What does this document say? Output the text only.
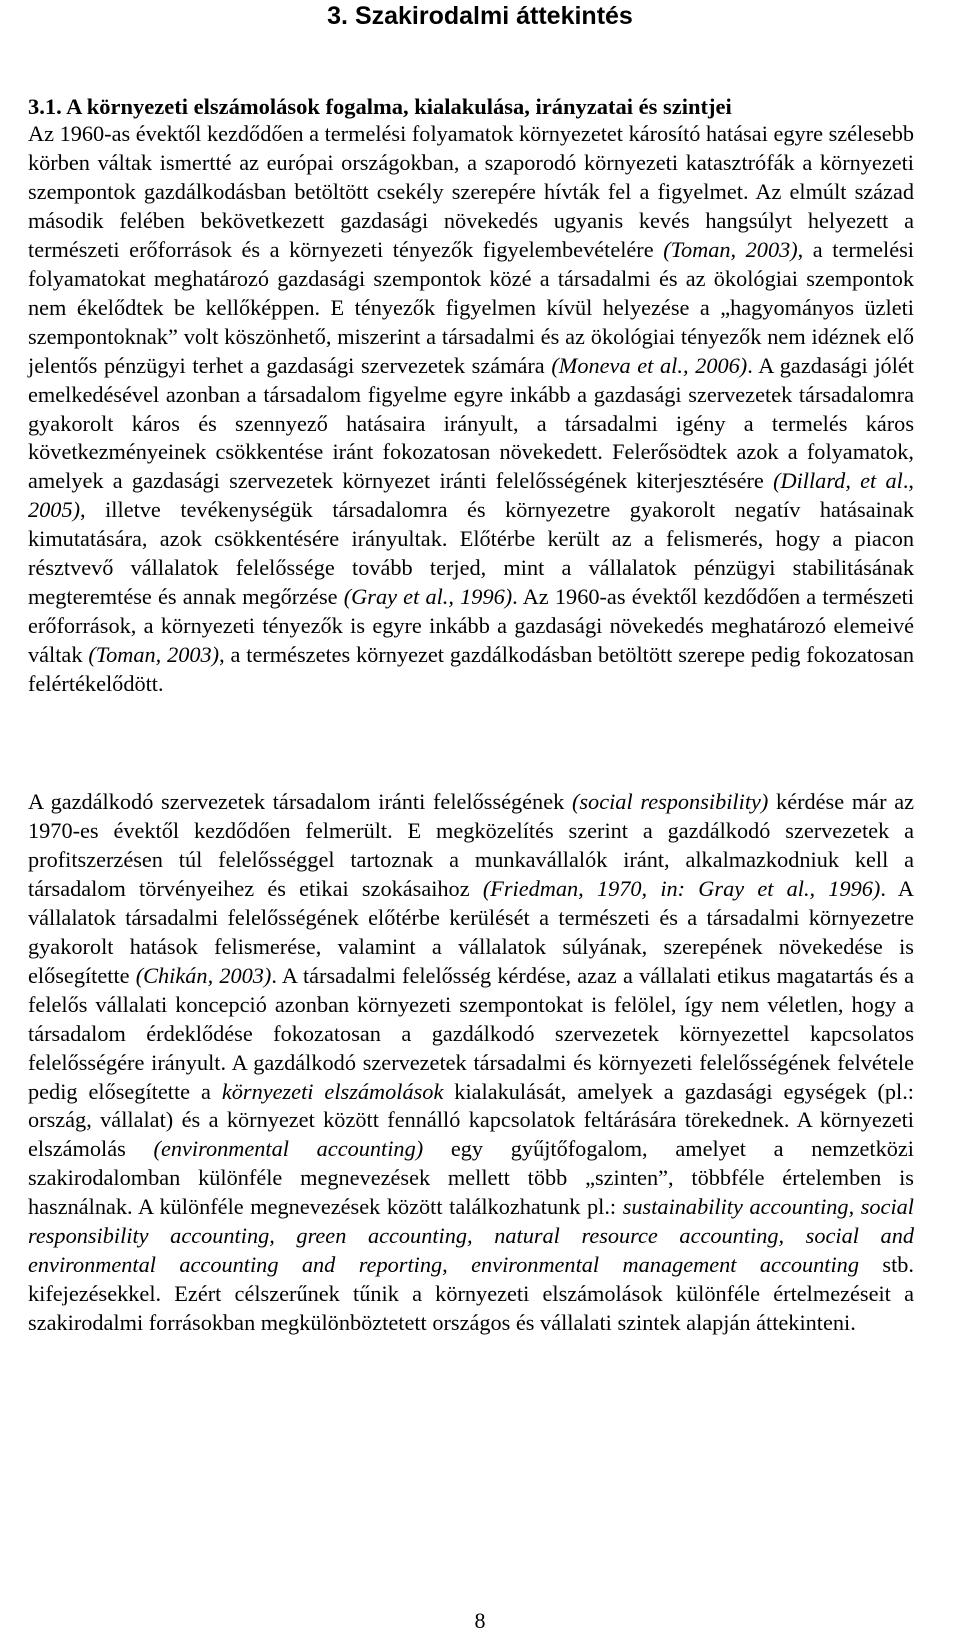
3. Szakirodalmi áttekintés
3.1. A környezeti elszámolások fogalma, kialakulása, irányzatai és szintjei

Az 1960-as évektől kezdődően a termelési folyamatok környezetet károsító hatásai egyre szélesebb körben váltak ismertté az európai országokban, a szaporodó környezeti katasztrófák a környezeti szempontok gazdálkodásban betöltött csekély szerepére hívták fel a figyelmet. Az elmúlt század második felében bekövetkezett gazdasági növekedés ugyanis kevés hangsúlyt helyezett a természeti erőforrások és a környezeti tényezők figyelembevételére (Toman, 2003), a termelési folyamatokat meghatározó gazdasági szempontok közé a társadalmi és az ökológiai szempontok nem ékelődtek be kellőképpen. E tényezők figyelmen kívül helyezése a „hagyományos üzleti szempontoknak” volt köszönhető, miszerint a társadalmi és az ökológiai tényezők nem idéznek elő jelentős pénzügyi terhet a gazdasági szervezetek számára (Moneva et al., 2006). A gazdasági jólét emelkedésével azonban a társadalom figyelme egyre inkább a gazdasági szervezetek társadalomra gyakorolt káros és szennyező hatásaira irányult, a társadalmi igény a termelés káros következményeinek csökkentése iránt fokozatosan növekedett. Felerősödtek azok a folyamatok, amelyek a gazdasági szervezetek környezet iránti felelősségének kiterjesztésére (Dillard, et al., 2005), illetve tevékenységük társadalomra és környezetre gyakorolt negatív hatásainak kimutatására, azok csökkentésére irányultak. Előtérbe került az a felismerés, hogy a piacon résztvevő vállalatok felelőssége tovább terjed, mint a vállalatok pénzügyi stabilitásának megteremtése és annak megőrzése (Gray et al., 1996). Az 1960-as évektől kezdődően a természeti erőforrások, a környezeti tényezők is egyre inkább a gazdasági növekedés meghatározó elemeivé váltak (Toman, 2003), a természetes környezet gazdálkodásban betöltött szerepe pedig fokozatosan felértékelődött.

A gazdálkodó szervezetek társadalom iránti felelősségének (social responsibility) kérdése már az 1970-es évektől kezdődően felmerült. E megközelítés szerint a gazdálkodó szervezetek a profitszerzésen túl felelősséggel tartoznak a munkavállalók iránt, alkalmazkodniuk kell a társadalom törvényeihez és etikai szokásaihoz (Friedman, 1970, in: Gray et al., 1996). A vállalatok társadalmi felelősségének előtérbe kerülését a természeti és a társadalmi környezetre gyakorolt hatások felismerése, valamint a vállalatok súlyának, szerepének növekedése is elősegítette (Chikán, 2003). A társadalmi felelősség kérdése, azaz a vállalati etikus magatartás és a felelős vállalati koncepció azonban környezeti szempontokat is felölel, így nem véletlen, hogy a társadalom érdeklődése fokozatosan a gazdálkodó szervezetek környezettel kapcsolatos felelősségére irányult. A gazdálkodó szervezetek társadalmi és környezeti felelősségének felvétele pedig elősegítette a környezeti elszámolások kialakulását, amelyek a gazdasági egységek (pl.: ország, vállalat) és a környezet között fennálló kapcsolatok feltárására törekednek. A környezeti elszámolás (environmental accounting) egy gyűjtőfogalom, amelyet a nemzetközi szakirodalomban különféle megnevezések mellett több „szinten”, többféle értelemben is használnak. A különféle megnevezések között találkozhatunk pl.: sustainability accounting, social responsibility accounting, green accounting, natural resource accounting, social and environmental accounting and reporting, environmental management accounting stb. kifejezésekkel. Ezért célszerűnek tűnik a környezeti elszámolások különféle értelmezéseit a szakirodalmi forrásokban megkülönböztetett országos és vállalati szintek alapján áttekinteni.

8
